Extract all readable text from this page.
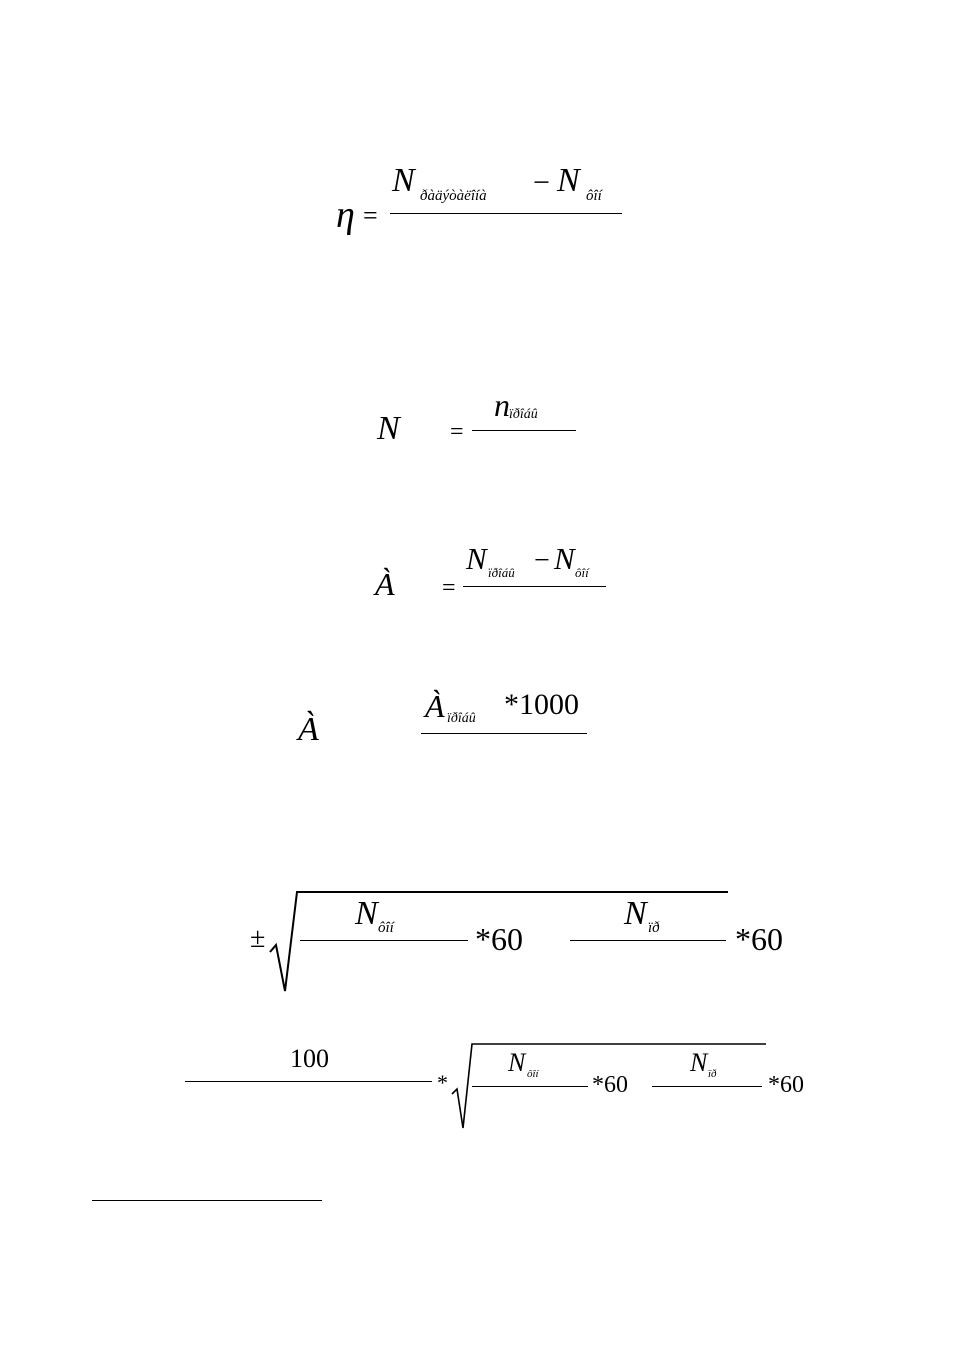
η =
N ðàäýòàëîíà − N ôîí
N =
n ïðîáû
À =
N ïðîáû − N ôîí
À
À ïðîáû *1000
±
N ôîí	*60
N ïð *60
100
*
N ôîí *60
N ïð *60
